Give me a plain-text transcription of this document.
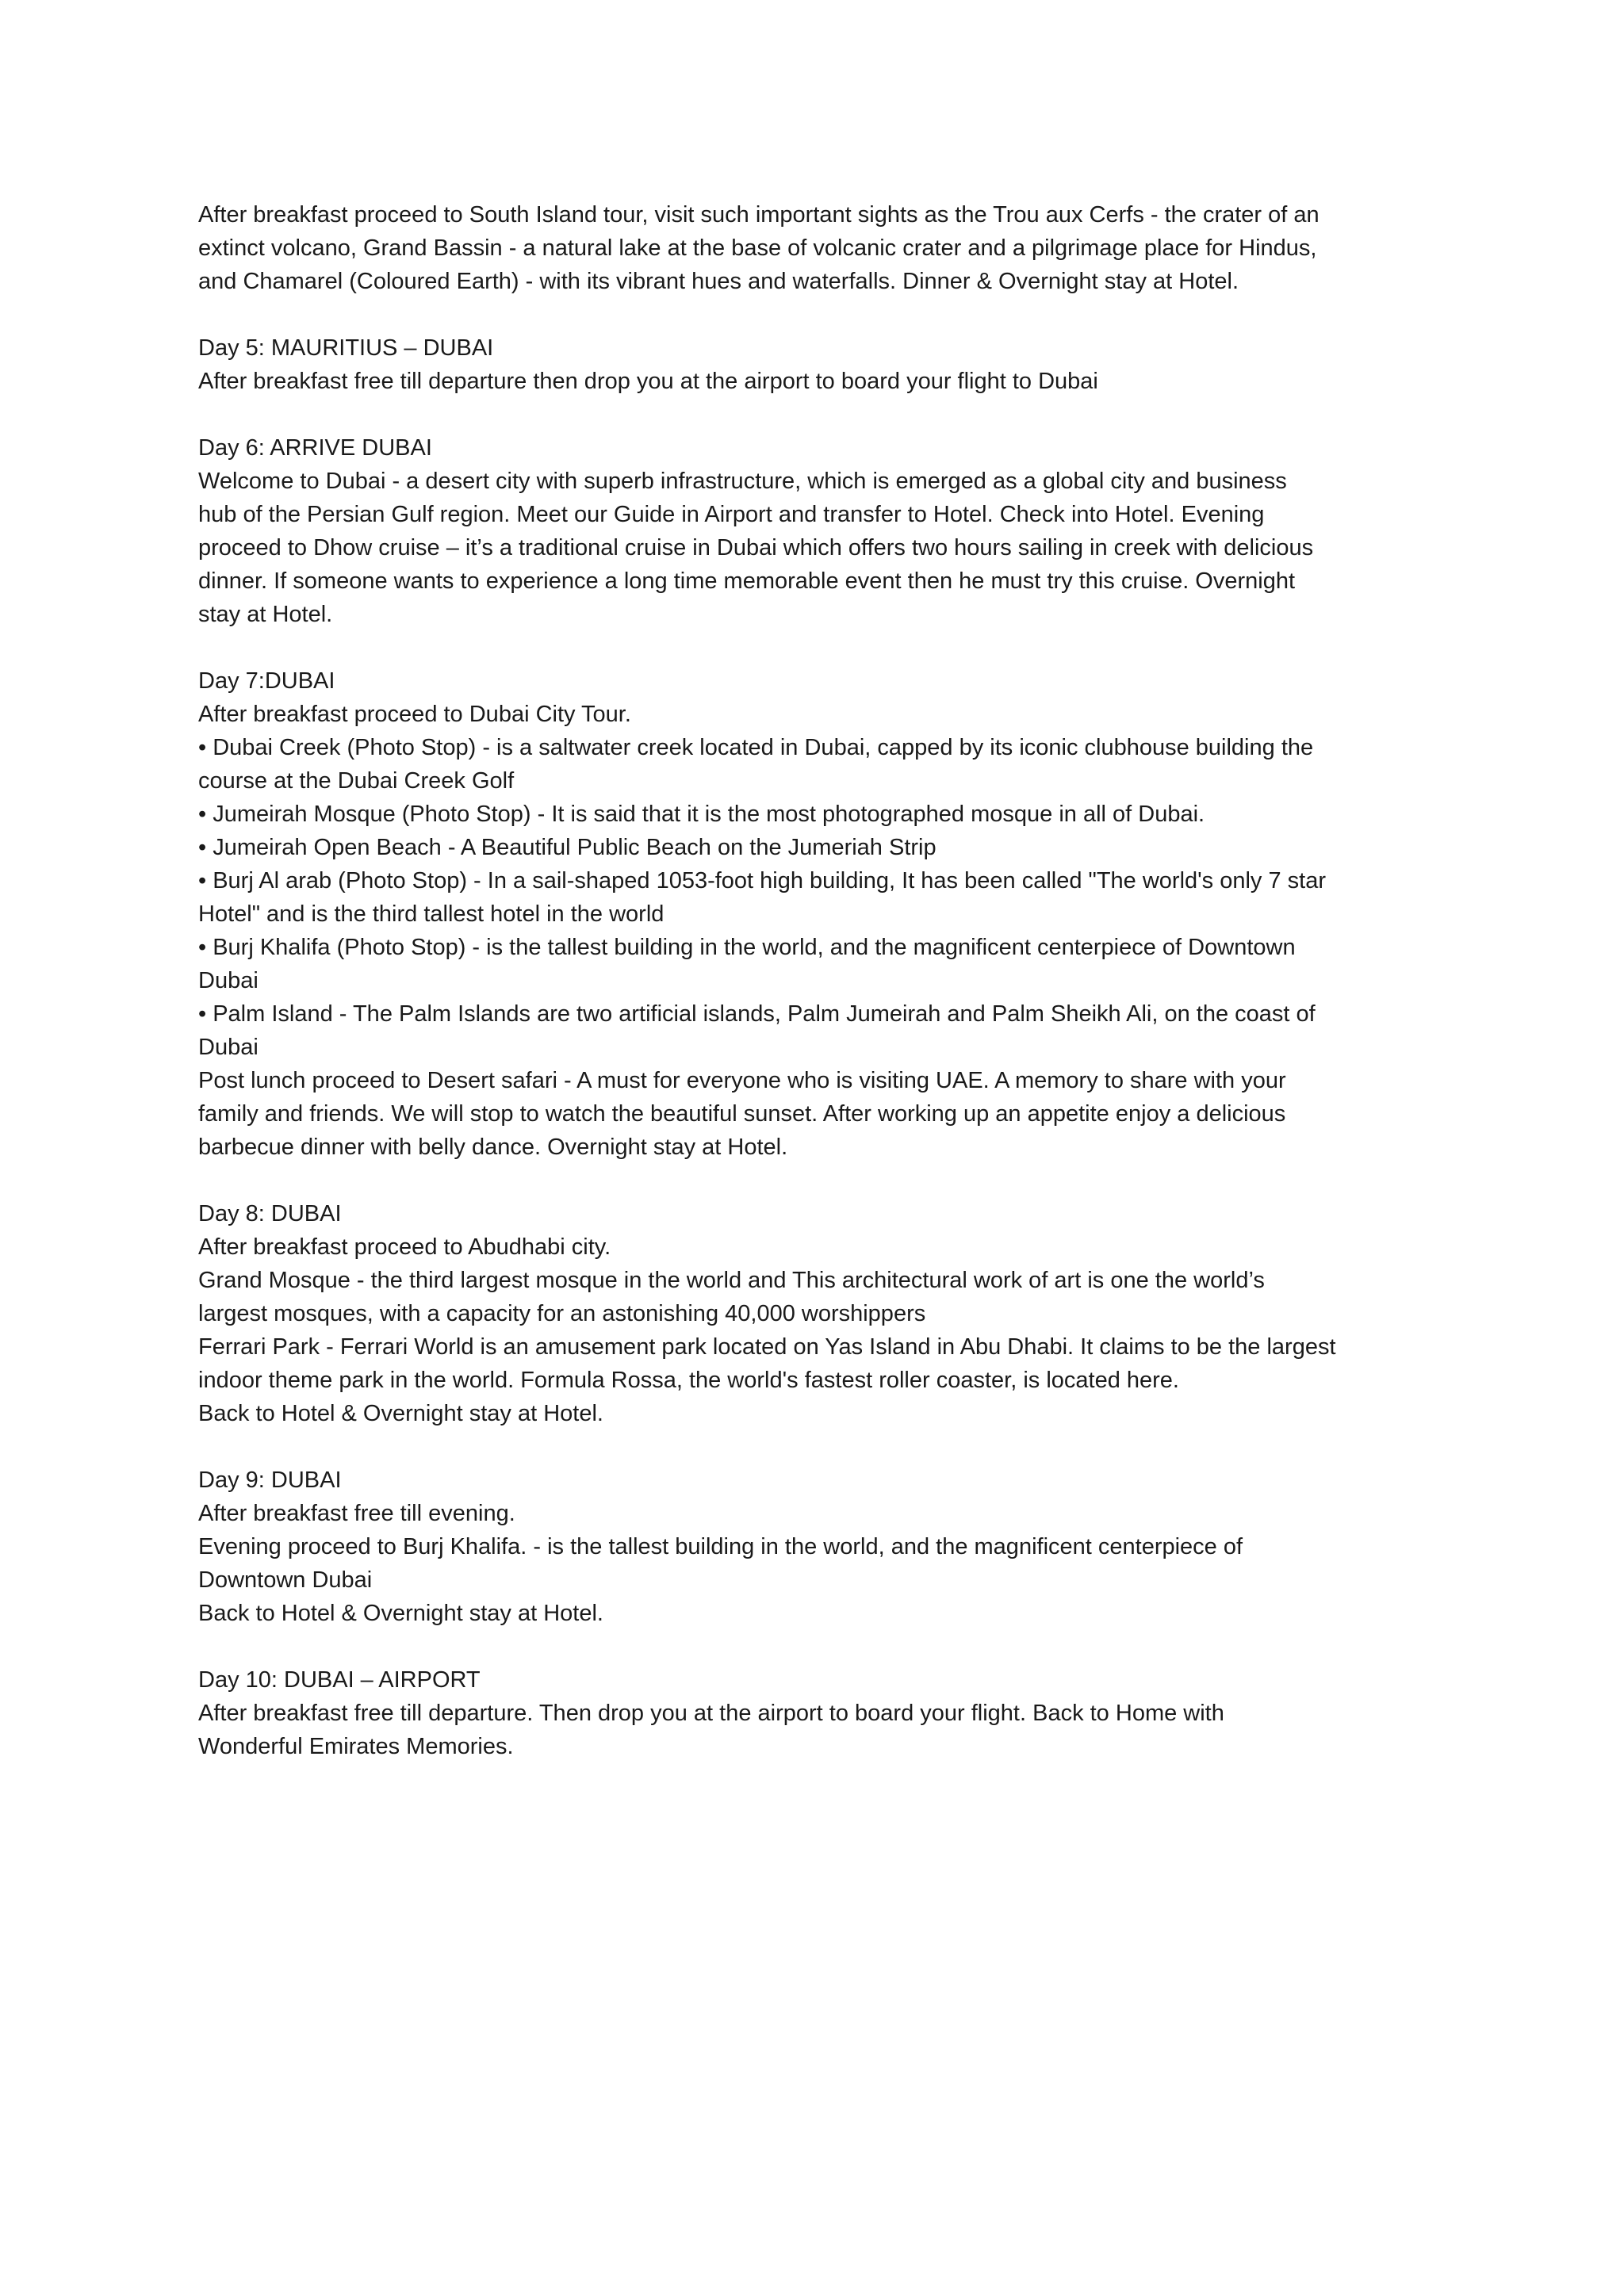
After breakfast proceed to South Island tour, visit such important sights as the Trou aux Cerfs - the crater of an
extinct volcano, Grand Bassin - a natural lake at the base of volcanic crater and a pilgrimage place for Hindus,
and Chamarel (Coloured Earth) - with its vibrant hues and waterfalls. Dinner & Overnight stay at Hotel.
Day 5: MAURITIUS – DUBAI
After breakfast free till departure then drop you at the airport to board your flight to Dubai
Day 6: ARRIVE DUBAI
Welcome to Dubai - a desert city with superb infrastructure, which is emerged as a global city and business
hub of the Persian Gulf region. Meet our Guide in Airport and transfer to Hotel. Check into Hotel. Evening
proceed to Dhow cruise – it’s a traditional cruise in Dubai which offers two hours sailing in creek with delicious
dinner. If someone wants to experience a long time memorable event then he must try this cruise. Overnight
stay at Hotel.
Day 7:DUBAI
After breakfast proceed to Dubai City Tour.
• Dubai Creek (Photo Stop) - is a saltwater creek located in Dubai, capped by its iconic clubhouse building the
course at the Dubai Creek Golf
• Jumeirah Mosque (Photo Stop) - It is said that it is the most photographed mosque in all of Dubai.
• Jumeirah Open Beach - A Beautiful Public Beach on the Jumeriah Strip
• Burj Al arab (Photo Stop) - In a sail-shaped 1053-foot high building, It has been called "The world's only 7 star
Hotel" and is the third tallest hotel in the world
• Burj Khalifa (Photo Stop) - is the tallest building in the world, and the magnificent centerpiece of Downtown
Dubai
• Palm Island - The Palm Islands are two artificial islands, Palm Jumeirah and Palm Sheikh Ali, on the coast of
Dubai
Post lunch proceed to Desert safari - A must for everyone who is visiting UAE. A memory to share with your
family and friends. We will stop to watch the beautiful sunset. After working up an appetite enjoy a delicious
barbecue dinner with belly dance. Overnight stay at Hotel.
Day 8: DUBAI
After breakfast proceed to Abudhabi city.
Grand Mosque - the third largest mosque in the world and This architectural work of art is one the world’s
largest mosques, with a capacity for an astonishing 40,000 worshippers
Ferrari Park - Ferrari World is an amusement park located on Yas Island in Abu Dhabi. It claims to be the largest
indoor theme park in the world. Formula Rossa, the world's fastest roller coaster, is located here.
Back to Hotel & Overnight stay at Hotel.
Day 9: DUBAI
After breakfast free till evening.
Evening proceed to Burj Khalifa. - is the tallest building in the world, and the magnificent centerpiece of
Downtown Dubai
Back to Hotel & Overnight stay at Hotel.
Day 10: DUBAI – AIRPORT
After breakfast free till departure. Then drop you at the airport to board your flight. Back to Home with
Wonderful Emirates Memories.
